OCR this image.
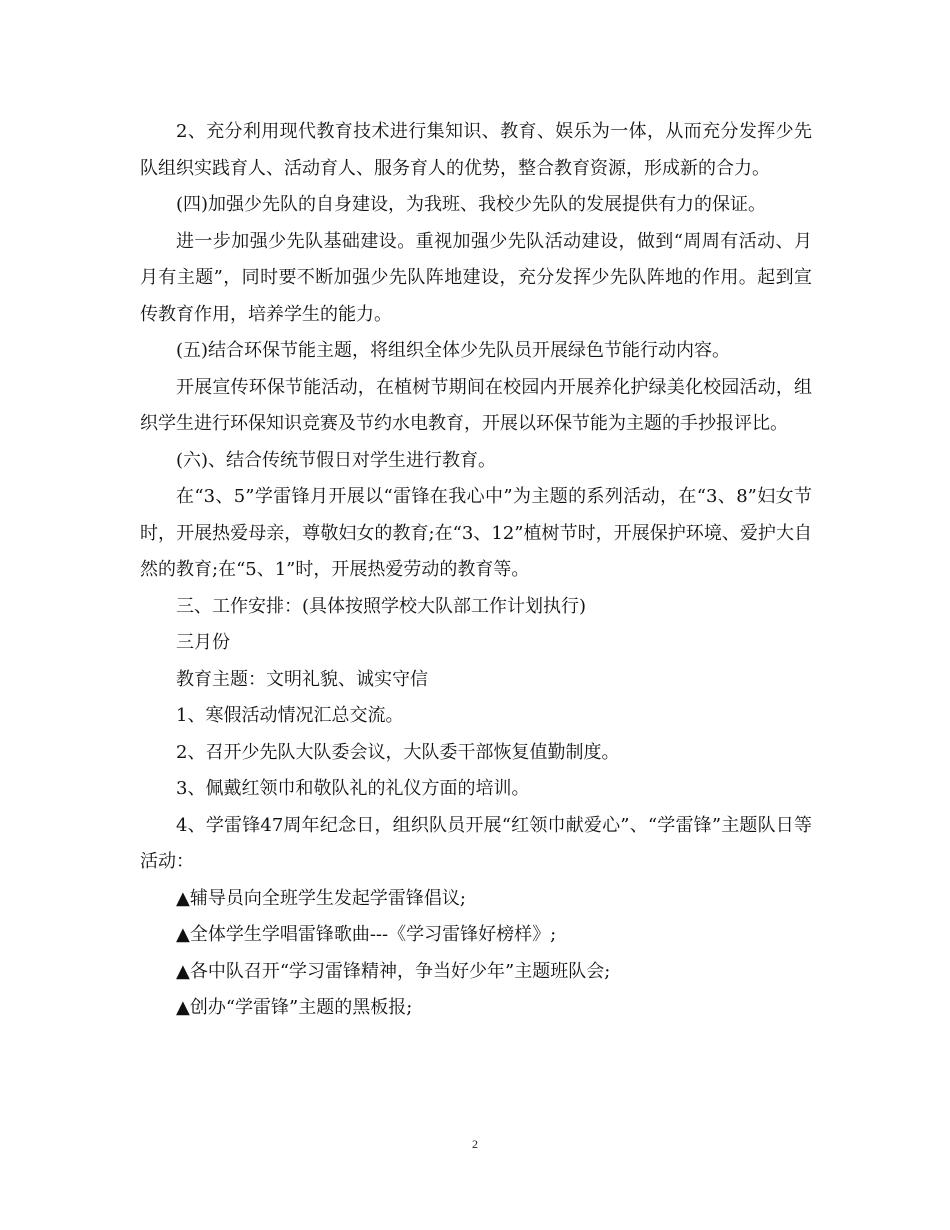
2、充分利用现代教育技术进行集知识、教育、娱乐为一体，从而充分发挥少先队组织实践育人、活动育人、服务育人的优势，整合教育资源，形成新的合力。

(四)加强少先队的自身建设，为我班、我校少先队的发展提供有力的保证。

进一步加强少先队基础建设。重视加强少先队活动建设，做到“周周有活动、月月有主题”，同时要不断加强少先队阵地建设，充分发挥少先队阵地的作用。起到宣传教育作用，培养学生的能力。

(五)结合环保节能主题，将组织全体少先队员开展绿色节能行动内容。

开展宣传环保节能活动，在植树节期间在校园内开展养化护绿美化校园活动，组织学生进行环保知识竞赛及节约水电教育，开展以环保节能为主题的手抄报评比。

(六)、结合传统节假日对学生进行教育。

在“3、5”学雷锋月开展以“雷锋在我心中”为主题的系列活动，在“3、8”妇女节时，开展热爱母亲，尊敬妇女的教育;在“3、12”植树节时，开展保护环境、爱护大自然的教育;在“5、1”时，开展热爱劳动的教育等。

三、工作安排：(具体按照学校大队部工作计划执行)

三月份

教育主题：文明礼貌、诚实守信

1、寒假活动情况汇总交流。

2、召开少先队大队委会议，大队委干部恢复值勤制度。

3、佩戴红领巾和敬队礼的礼仪方面的培训。

4、学雷锋47周年纪念日，组织队员开展“红领巾献爱心”、“学雷锋”主题队日等活动：

▲辅导员向全班学生发起学雷锋倡议;

▲全体学生学唱雷锋歌曲---《学习雷锋好榜样》;

▲各中队召开“学习雷锋精神，争当好少年”主题班队会;

▲创办“学雷锋”主题的黑板报;

2
